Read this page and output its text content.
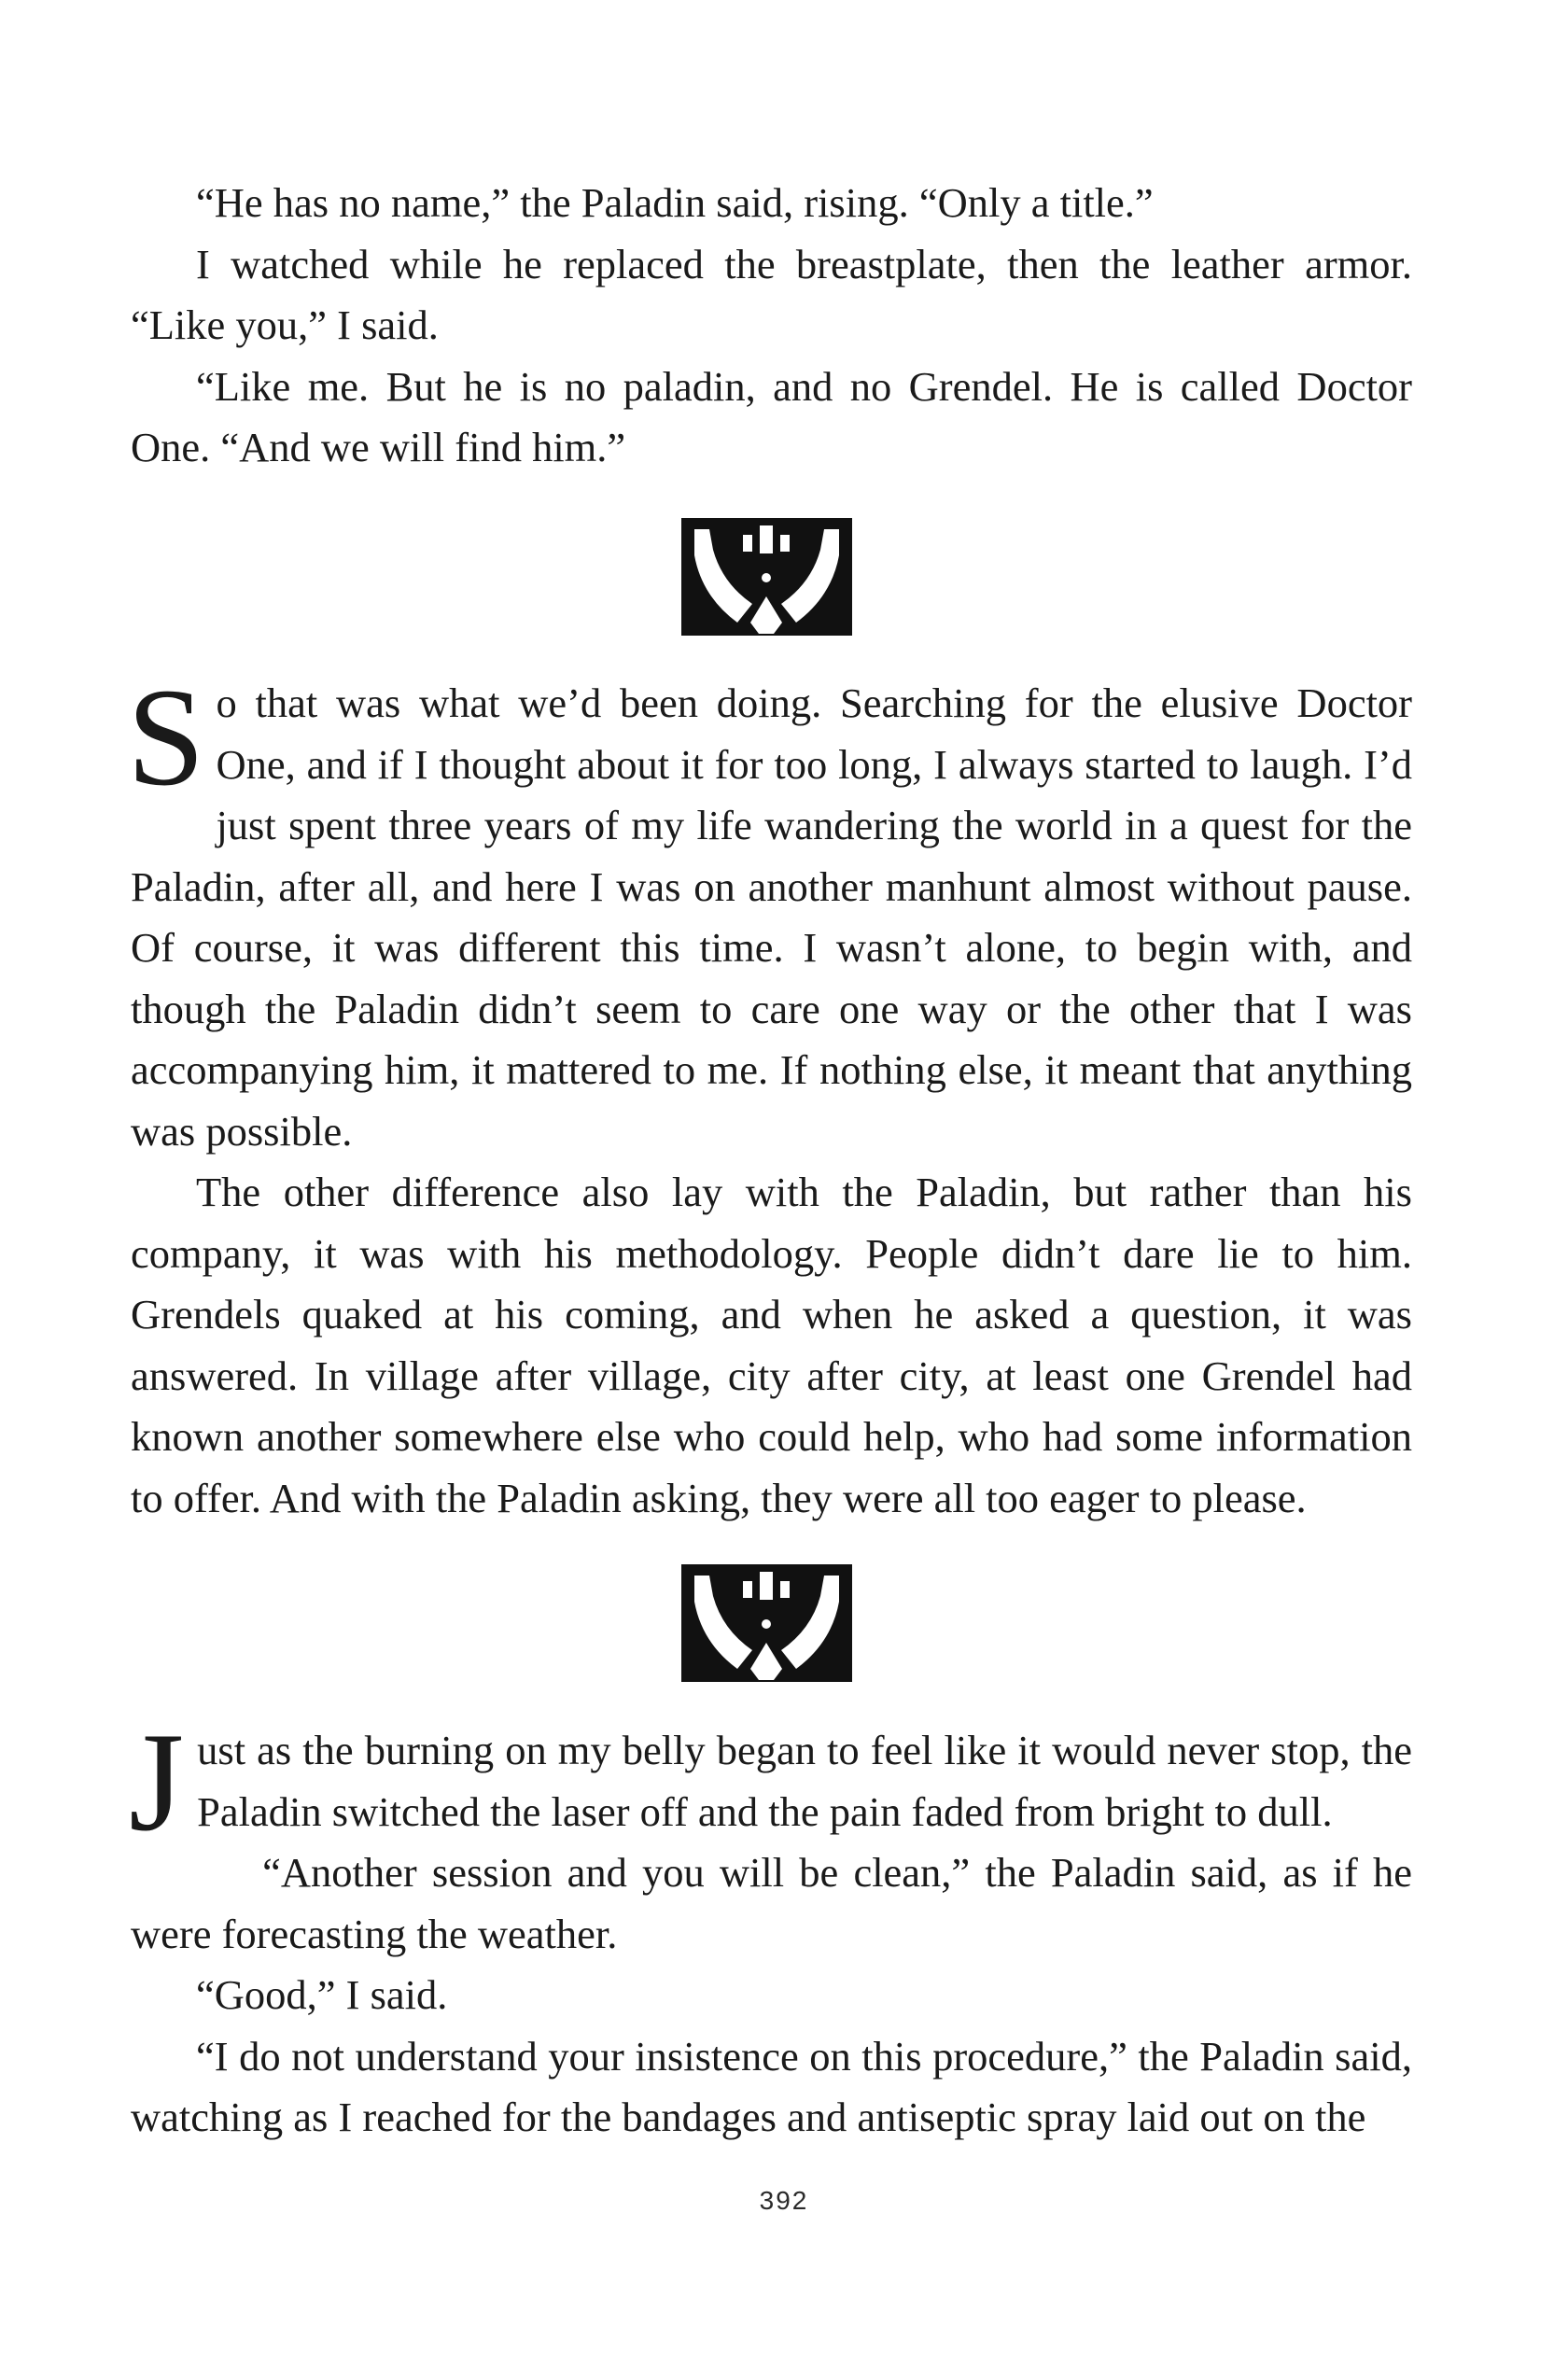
“He has no name,” the Paladin said, rising. “Only a title.”

I watched while he replaced the breastplate, then the leather armor. “Like you,” I said.

“Like me. But he is no paladin, and no Grendel. He is called Doctor One. “And we will find him.”

So that was what we’d been doing. Searching for the elusive Doctor One, and if I thought about it for too long, I always started to laugh. I’d just spent three years of my life wandering the world in a quest for the Paladin, after all, and here I was on another manhunt almost without pause. Of course, it was different this time. I wasn’t alone, to begin with, and though the Paladin didn’t seem to care one way or the other that I was accompanying him, it mattered to me. If nothing else, it meant that anything was possible.

The other difference also lay with the Paladin, but rather than his company, it was with his methodology. People didn’t dare lie to him. Grendels quaked at his coming, and when he asked a question, it was answered. In village after village, city after city, at least one Grendel had known another somewhere else who could help, who had some information to offer. And with the Paladin asking, they were all too eager to please.

Just as the burning on my belly began to feel like it would never stop, the Paladin switched the laser off and the pain faded from bright to dull.

“Another session and you will be clean,” the Paladin said, as if he were forecasting the weather.

“Good,” I said.

“I do not understand your insistence on this procedure,” the Paladin said, watching as I reached for the bandages and antiseptic spray laid out on the

392
